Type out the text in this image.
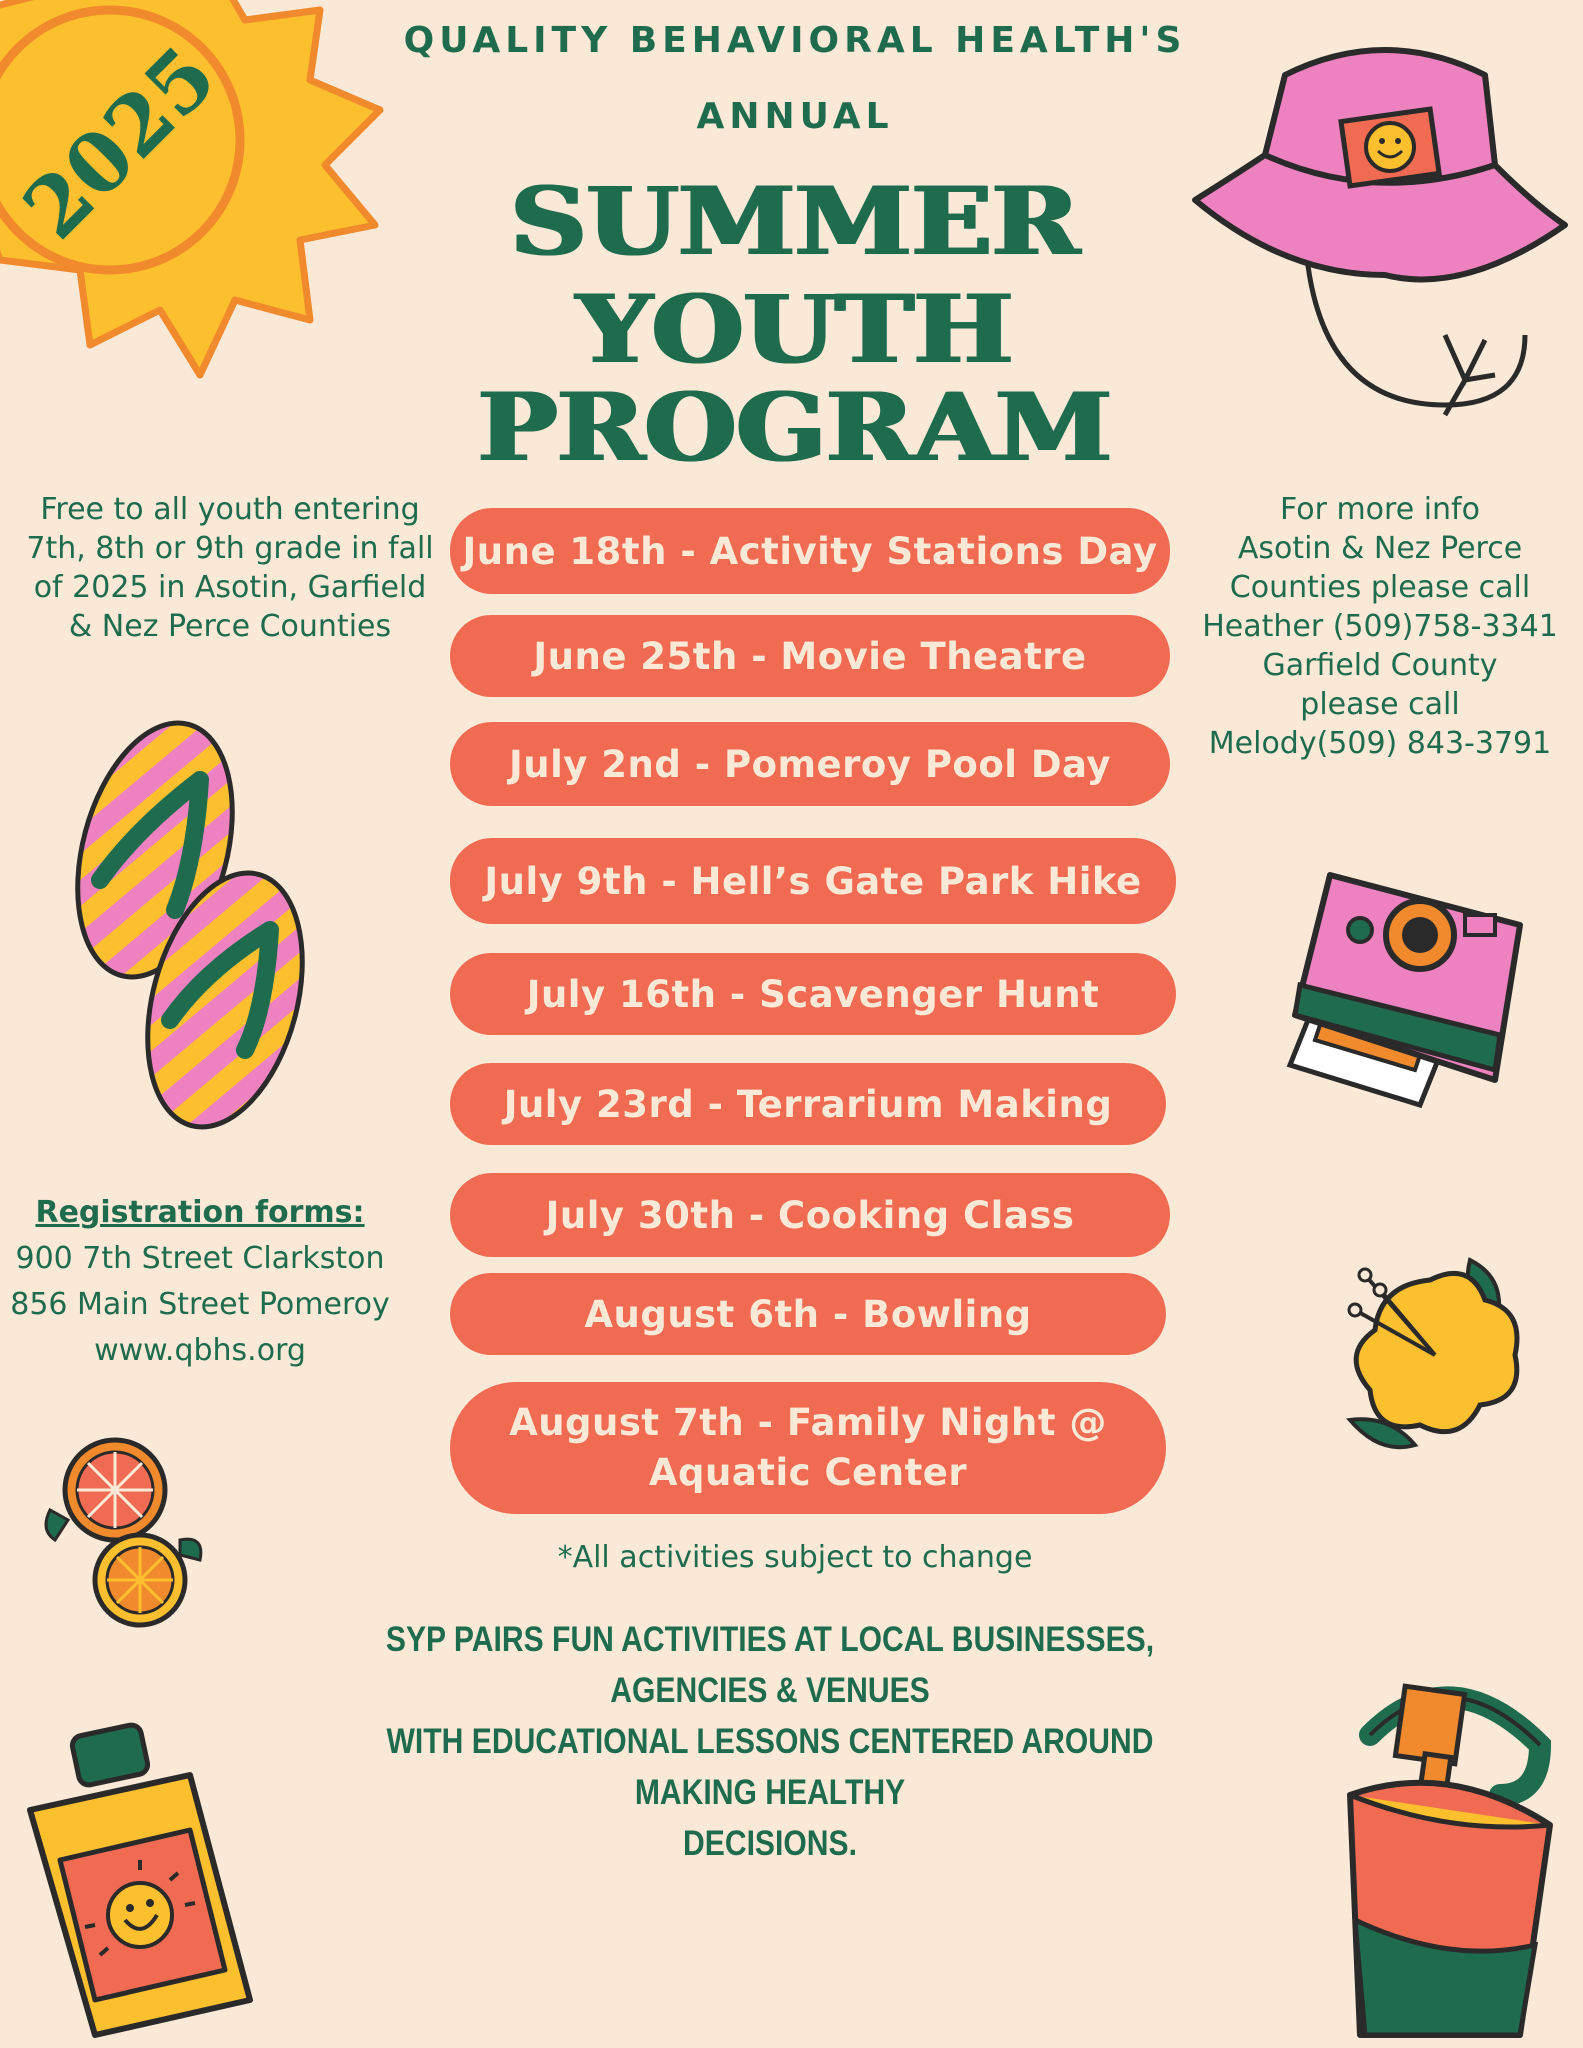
2025	QUALITY BEHAVIORAL HEALTH'S
ANNUAL
SUMMER
YOUTH
PROGRAM
Free to all youth entering
7th, 8th or 9th grade in fall
of 2025 in Asotin, Garfield
& Nez Perce Counties
For more info
Asotin & Nez Perce
Counties please call
Heather (509)758-3341
Garfield County
please call
Melody(509) 843-3791
June 18th - Activity Stations Day
June 25th - Movie Theatre
July 2nd - Pomeroy Pool Day
July 9th - Hell’s Gate Park Hike
July 16th - Scavenger Hunt
July 23rd - Terrarium Making
July 30th - Cooking Class
August 6th - Bowling
August 7th - Family Night @
Aquatic Center
Registration forms:
900 7th Street Clarkston
856 Main Street Pomeroy
www.qbhs.org
*All activities subject to change
SYP PAIRS FUN ACTIVITIES AT LOCAL BUSINESSES, AGENCIES & VENUES
WITH EDUCATIONAL LESSONS CENTERED AROUND MAKING HEALTHY
DECISIONS.
